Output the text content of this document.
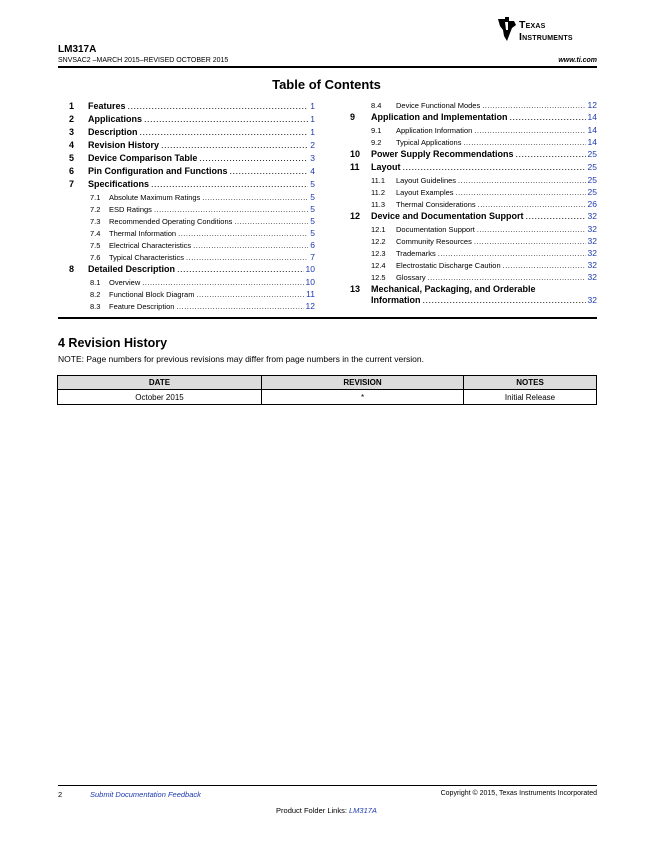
Texas
Instruments
LM317A
SNVSAC2 –MARCH 2015–REVISED OCTOBER 2015	www.ti.com
Table of Contents
1	Features .....	1
2	Applications .....	1
3	Description .....	1
4	Revision History .....	2
5	Device Comparison Table .....	3
6	Pin Configuration and Functions .....	4
7	Specifications .....	5
7.1	Absolute Maximum Ratings .....	5
7.2	ESD Ratings .....	5
7.3	Recommended Operating Conditions .....	5
7.4	Thermal Information .....	5
7.5	Electrical Characteristics .....	6
7.6	Typical Characteristics .....	7
8	Detailed Description .....	10
8.1	Overview .....	10
8.2	Functional Block Diagram .....	11
8.3	Feature Description .....	12
8.4	Device Functional Modes .....	12
9	Application and Implementation .....	14
9.1	Application Information .....	14
9.2	Typical Applications .....	14
10	Power Supply Recommendations .....	25
11	Layout .....	25
11.1	Layout Guidelines .....	25
11.2	Layout Examples .....	25
11.3	Thermal Considerations .....	26
12	Device and Documentation Support .....	32
12.1	Documentation Support .....	32
12.2	Community Resources .....	32
12.3	Trademarks .....	32
12.4	Electrostatic Discharge Caution .....	32
12.5	Glossary .....	32
13	Mechanical, Packaging, and Orderable
Information .....	32
4 Revision History
NOTE: Page numbers for previous revisions may differ from page numbers in the current version.
DATE	REVISION	NOTES
October 2015	*	Initial Release
2	Submit Documentation Feedback	Copyright © 2015, Texas Instruments Incorporated
Product Folder Links: LM317A
